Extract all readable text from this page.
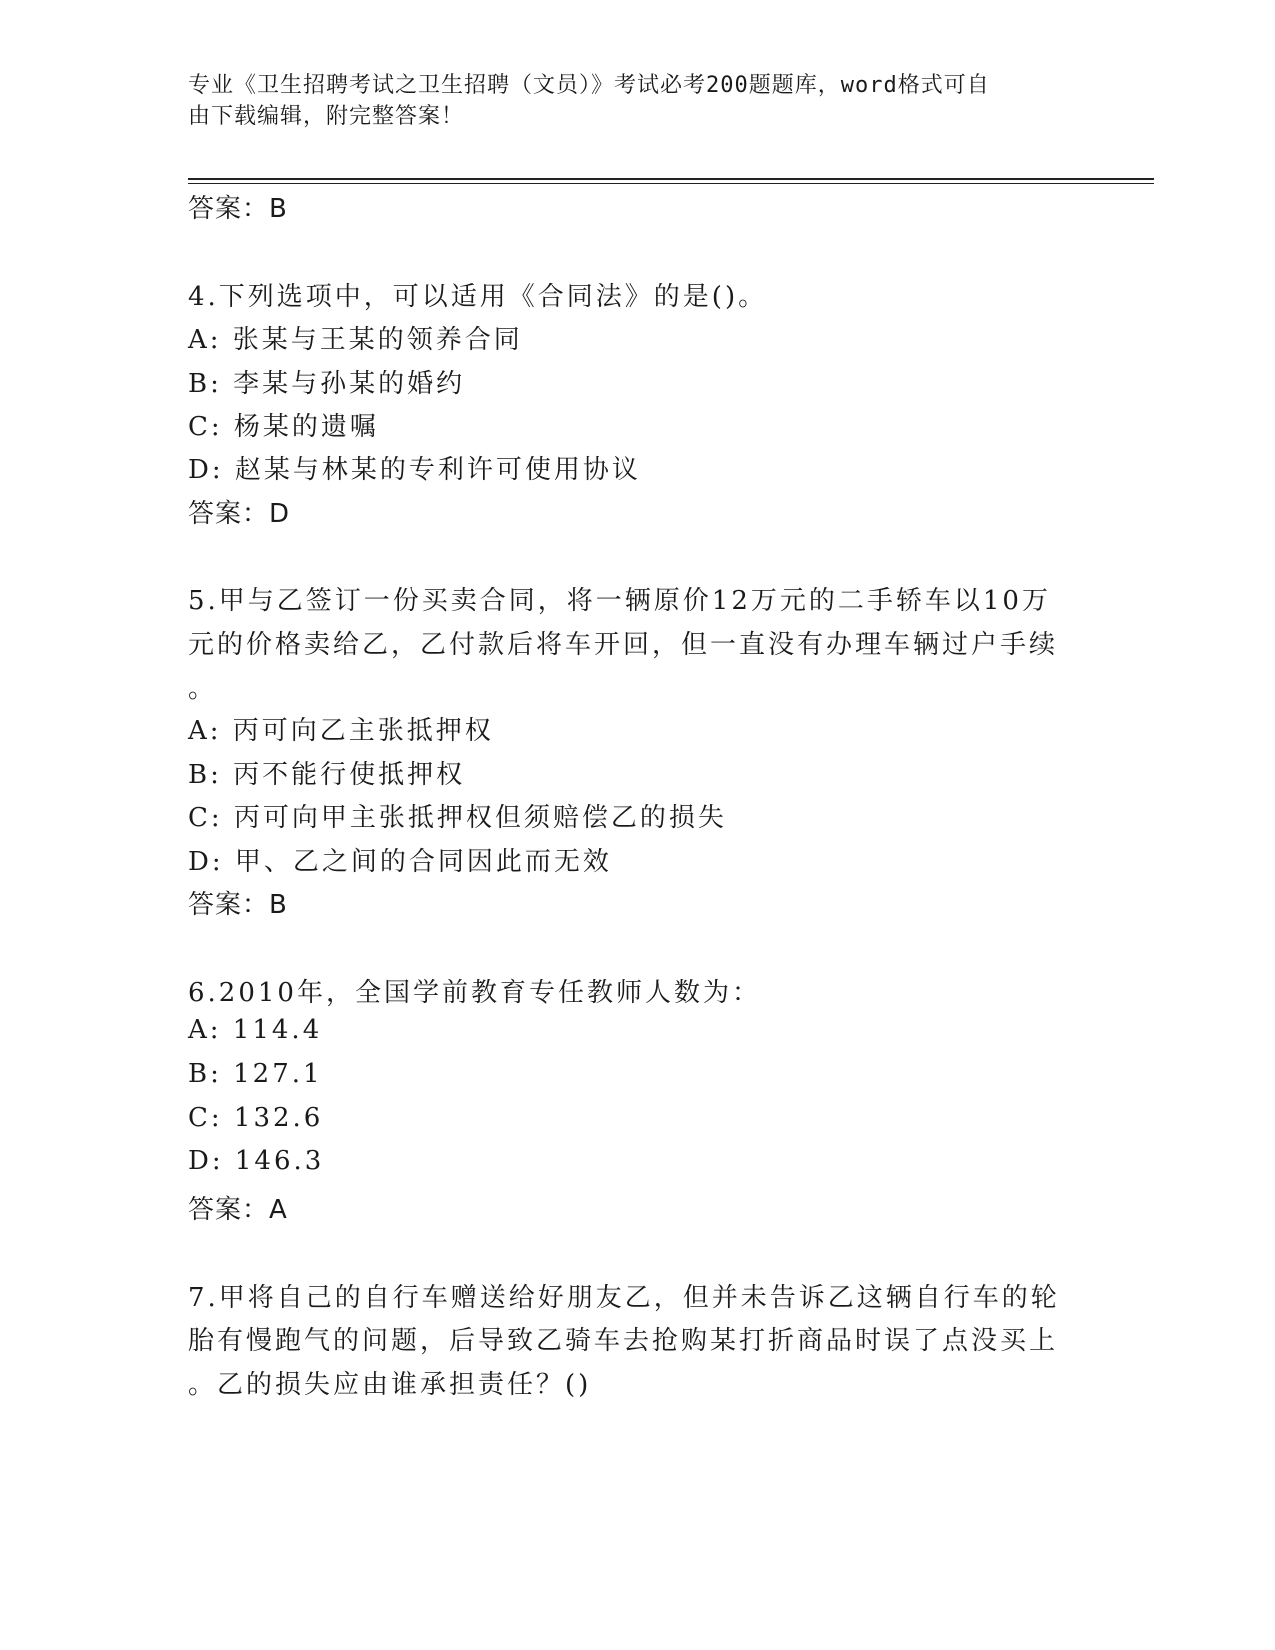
专业《卫生招聘考试之卫生招聘（文员）》考试必考200题题库，word格式可自
由下载编辑，附完整答案！
答案：B
4.下列选项中，可以适用《合同法》的是()。
A: 张某与王某的领养合同
B: 李某与孙某的婚约
C: 杨某的遗嘱
D: 赵某与林某的专利许可使用协议
答案：D
5.甲与乙签订一份买卖合同，将一辆原价12万元的二手轿车以10万
元的价格卖给乙，乙付款后将车开回，但一直没有办理车辆过户手续
。
A: 丙可向乙主张抵押权
B: 丙不能行使抵押权
C: 丙可向甲主张抵押权但须赔偿乙的损失
D: 甲、乙之间的合同因此而无效
答案：B
6.2010年，全国学前教育专任教师人数为：
A: 114.4
B: 127.1
C: 132.6
D: 146.3
答案：A
7.甲将自己的自行车赠送给好朋友乙，但并未告诉乙这辆自行车的轮
胎有慢跑气的问题，后导致乙骑车去抢购某打折商品时误了点没买上
。乙的损失应由谁承担责任？()
